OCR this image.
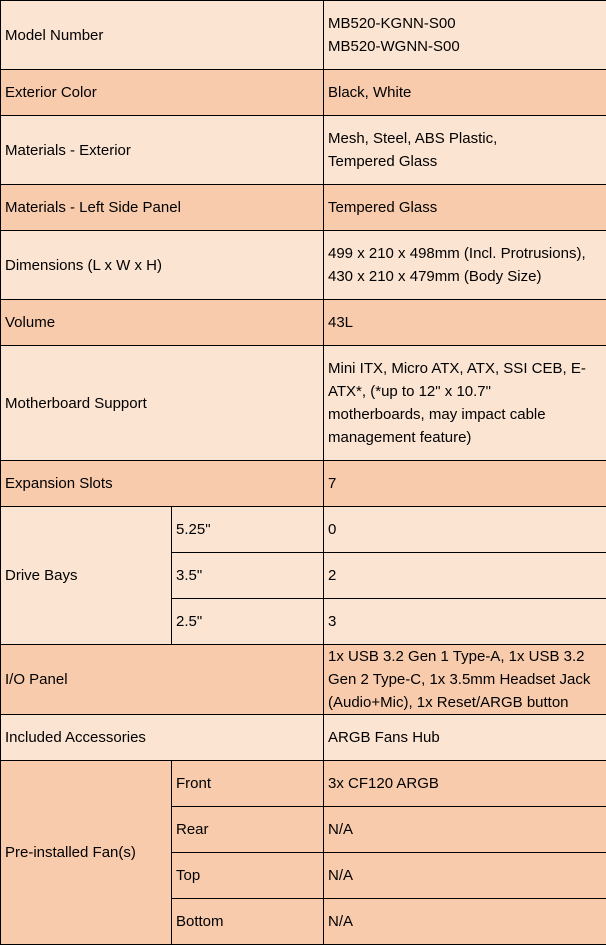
Model Number		MB520-KGNN-S00
MB520-WGNN-S00

Exterior Color		Black, White
Materials - Exterior		Mesh, Steel, ABS Plastic,
Tempered Glass

Materials - Left Side Panel		Tempered Glass
Dimensions (L x W x H)		499 x 210 x 498mm (Incl. Protrusions),
430 x 210 x 479mm (Body Size)

Volume		43L
Motherboard Support		Mini ITX, Micro ATX, ATX, SSI CEB, E-
ATX*, (*up to 12" x 10.7"
motherboards, may impact cable
management feature)

Expansion Slots		7
Drive Bays	5.25"	0
	3.5"	2
	2.5"	3
I/O Panel		1x USB 3.2 Gen 1 Type-A, 1x USB 3.2
Gen 2 Type-C, 1x 3.5mm Headset Jack
(Audio+Mic), 1x Reset/ARGB button

Included Accessories		ARGB Fans Hub
Pre-installed Fan(s)	Front	3x CF120 ARGB
	Rear	N/A
	Top	N/A
	Bottom	N/A
